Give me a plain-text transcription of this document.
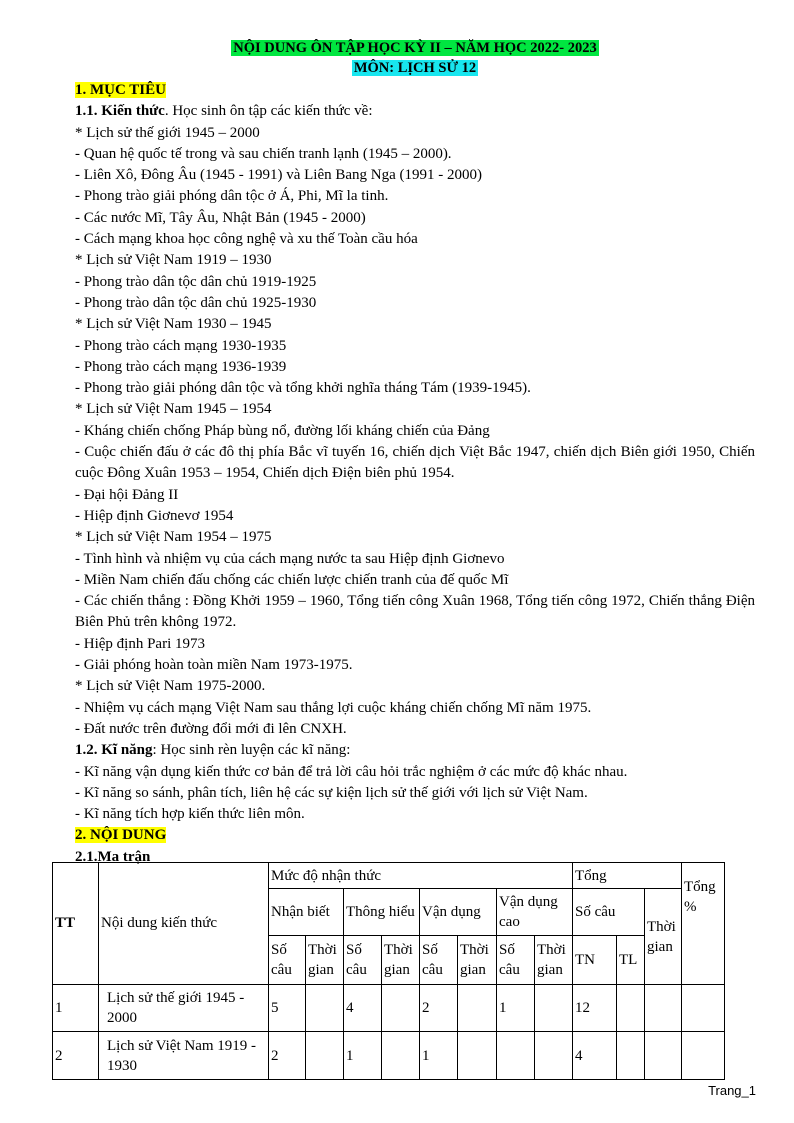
NỘI DUNG ÔN TẬP HỌC KỲ II – NĂM HỌC 2022- 2023
MÔN: LỊCH SỬ 12
1. MỤC TIÊU

1.1. Kiến thức. Học sinh ôn tập các kiến thức về:

* Lịch sử thế giới 1945 – 2000

- Quan hệ quốc tế trong và sau chiến tranh lạnh (1945 – 2000).

- Liên Xô, Đông Âu (1945 - 1991) và Liên Bang Nga (1991 - 2000)

- Phong trào giải phóng dân tộc ở Á, Phi, Mĩ la tinh.

- Các nước Mĩ, Tây Âu, Nhật Bản (1945 - 2000)

- Cách mạng khoa học công nghệ và xu thế Toàn cầu hóa

* Lịch sử Việt Nam 1919 – 1930

- Phong trào dân tộc dân chủ 1919-1925

- Phong trào dân tộc dân chủ 1925-1930

* Lịch sử Việt Nam 1930 – 1945

- Phong trào cách mạng 1930-1935

- Phong trào cách mạng 1936-1939

- Phong trào giải phóng dân tộc và tổng khởi nghĩa tháng Tám (1939-1945).

* Lịch sử Việt Nam 1945 – 1954

- Kháng chiến chống Pháp bùng nổ, đường lối kháng chiến của Đảng

- Cuộc chiến đấu ở các đô thị phía Bắc vĩ tuyến 16, chiến dịch Việt Bắc 1947, chiến dịch Biên giới 1950, Chiến cuộc Đông Xuân 1953 – 1954, Chiến dịch Điện biên phủ 1954.

- Đại hội Đảng II

- Hiệp định Giơnevơ 1954

* Lịch sử Việt Nam 1954 – 1975

- Tình hình và nhiệm vụ của cách mạng nước ta sau Hiệp định Giơnevo

- Miền Nam chiến đấu chống các chiến lược chiến tranh của đế quốc Mĩ

- Các chiến thắng : Đồng Khởi 1959 – 1960, Tổng tiến công Xuân 1968, Tổng tiến công 1972, Chiến thắng Điện Biên Phủ trên không 1972.

- Hiệp định Pari 1973

- Giải phóng hoàn toàn miền Nam 1973-1975.

* Lịch sử Việt Nam 1975-2000.

- Nhiệm vụ cách mạng Việt Nam sau thắng lợi cuộc kháng chiến chống Mĩ năm 1975.

- Đất nước trên đường đổi mới đi lên CNXH.

1.2. Kĩ năng: Học sinh rèn luyện các kĩ năng:

- Kĩ năng vận dụng kiến thức cơ bản để trả lời câu hỏi trắc nghiệm ở các mức độ khác nhau.

- Kĩ năng so sánh, phân tích, liên hệ các sự kiện lịch sử thế giới với lịch sử Việt Nam.

- Kĩ năng tích hợp kiến thức liên môn.

2. NỘI DUNG
2.1.Ma trận
TT	Nội dung kiến thức	Mức độ nhận thức								Tổng			Tổng %
		Nhận biết		Thông hiểu		Vận dụng		Vận dụng cao		Số câu		Thời gian	
		Số câu	Thời gian	Số câu	Thời gian	Số câu	Thời gian	Số câu	Thời gian	TN	TL		
1	Lịch sử thế giới 1945 - 2000	5		4		2		1		12			
2	Lịch sử Việt Nam 1919 - 1930	2		1		1				4			
Trang_1
